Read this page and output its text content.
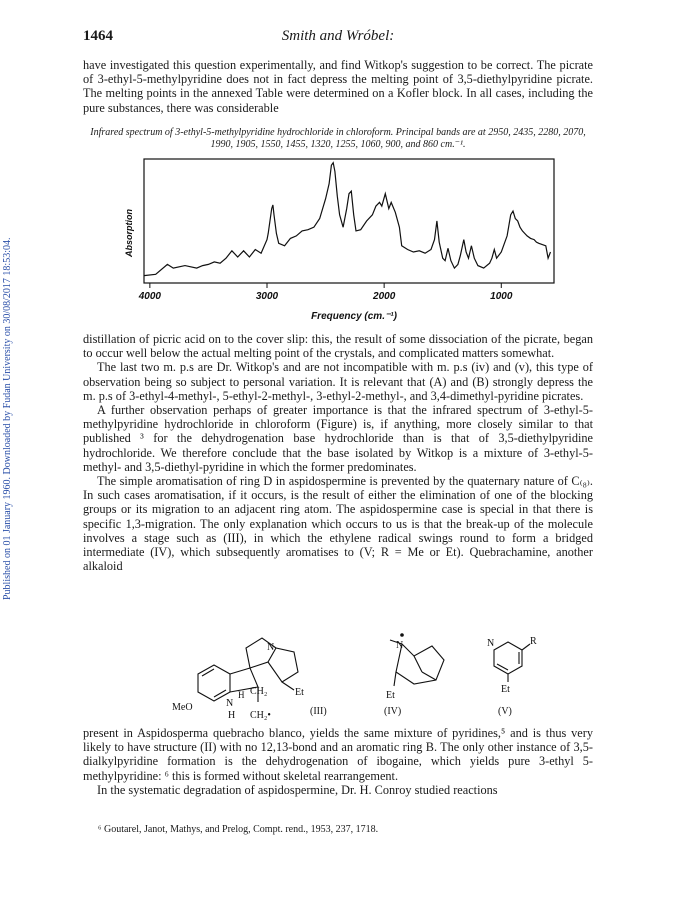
Published on 01 January 1960. Downloaded by Fudan University on 30/08/2017 18:53:04.
1464	Smith and Wróbel:

have investigated this question experimentally, and find Witkop's suggestion to be correct. The picrate of 3-ethyl-5-methylpyridine does not in fact depress the melting point of 3,5-diethylpyridine picrate. The melting points in the annexed Table were determined on a Kofler block. In all cases, including the pure substances, there was considerable

Infrared spectrum of 3-ethyl-5-methylpyridine hydrochloride in chloroform. Principal bands are at 2950, 2435, 2280, 2070, 1990, 1905, 1550, 1455, 1320, 1255, 1060, 900, and 860 cm.⁻¹.
4000	3000	2000	1000
Absorption
Frequency (cm.⁻¹)

distillation of picric acid on to the cover slip: this, the result of some dissociation of the picrate, began to occur well below the actual melting point of the crystals, and complicated matters somewhat.

The last two m. p.s are Dr. Witkop's and are not incompatible with m. p.s (iv) and (v), this type of observation being so subject to personal variation. It is relevant that (A) and (B) strongly depress the m. p.s of 3-ethyl-4-methyl-, 5-ethyl-2-methyl-, 3-ethyl-2-methyl-, and 3,4-dimethyl-pyridine picrates.

A further observation perhaps of greater importance is that the infrared spectrum of 3-ethyl-5-methylpyridine hydrochloride in chloroform (Figure) is, if anything, more closely similar to that published ³ for the dehydrogenation base hydrochloride than is that of 3,5-diethylpyridine hydrochloride. We therefore conclude that the base isolated by Witkop is a mixture of 3-ethyl-5-methyl- and 3,5-diethyl-pyridine in which the former predominates.

The simple aromatisation of ring D in aspidospermine is prevented by the quaternary nature of C₍₈₎. In such cases aromatisation, if it occurs, is the result of either the elimination of one of the blocking groups or its migration to an adjacent ring atom. The aspidospermine case is special in that there is specific 1,3-migration. The only explanation which occurs to us is that the break-up of the molecule involves a stage such as (III), in which the ethylene radical swings round to form a bridged intermediate (IV), which subsequently aromatises to (V; R = Me or Et). Quebrachamine, another alkaloid

N
Et
CH₂
CH₂•
MeO	N
H
H
(III)
N
Et
(IV)
N	R
Et
(V)

present in Aspidosperma quebracho blanco, yields the same mixture of pyridines,⁵ and is thus very likely to have structure (II) with no 12,13-bond and an aromatic ring B. The only other instance of 3,5-dialkylpyridine formation is the dehydrogenation of ibogaine, which yields pure 3-ethyl 5-methylpyridine: ⁶ this is formed without skeletal rearrangement.

In the systematic degradation of aspidospermine, Dr. H. Conroy studied reactions

⁶ Goutarel, Janot, Mathys, and Prelog, Compt. rend., 1953, 237, 1718.
